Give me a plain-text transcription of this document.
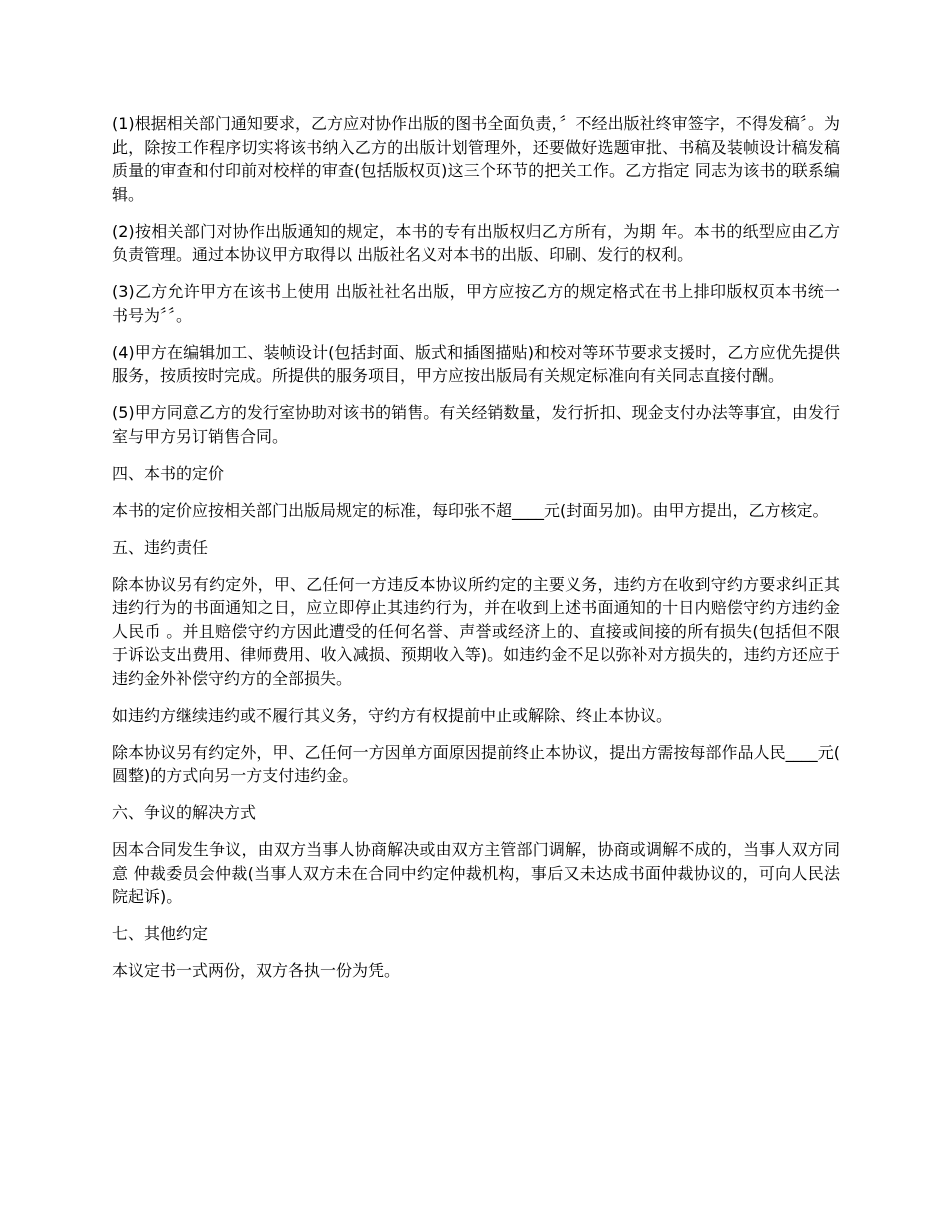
(1)根据相关部门通知要求，乙方应对协作出版的图书全面负责，〞不经出版社终审签字，不得发稿〞。为此，除按工作程序切实将该书纳入乙方的出版计划管理外，还要做好选题审批、书稿及装帧设计稿发稿质量的审查和付印前对校样的审查(包括版权页)这三个环节的把关工作。乙方指定 同志为该书的联系编辑。

(2)按相关部门对协作出版通知的规定，本书的专有出版权归乙方所有，为期 年。本书的纸型应由乙方负责管理。通过本协议甲方取得以 出版社名义对本书的出版、印刷、发行的权利。

(3)乙方允许甲方在该书上使用 出版社社名出版，甲方应按乙方的规定格式在书上排印版权页本书统一书号为〞〞。

(4)甲方在编辑加工、装帧设计(包括封面、版式和插图描贴)和校对等环节要求支援时，乙方应优先提供服务，按质按时完成。所提供的服务项目，甲方应按出版局有关规定标准向有关同志直接付酬。

(5)甲方同意乙方的发行室协助对该书的销售。有关经销数量，发行折扣、现金支付办法等事宜，由发行室与甲方另订销售合同。

四、本书的定价

本书的定价应按相关部门出版局规定的标准，每印张不超____元(封面另加)。由甲方提出，乙方核定。

五、违约责任

除本协议另有约定外，甲、乙任何一方违反本协议所约定的主要义务，违约方在收到守约方要求纠正其违约行为的书面通知之日，应立即停止其违约行为，并在收到上述书面通知的十日内赔偿守约方违约金人民币 。并且赔偿守约方因此遭受的任何名誉、声誉或经济上的、直接或间接的所有损失(包括但不限于诉讼支出费用、律师费用、收入减损、预期收入等)。如违约金不足以弥补对方损失的，违约方还应于违约金外补偿守约方的全部损失。

如违约方继续违约或不履行其义务，守约方有权提前中止或解除、终止本协议。

除本协议另有约定外，甲、乙任何一方因单方面原因提前终止本协议，提出方需按每部作品人民____元( 圆整)的方式向另一方支付违约金。

六、争议的解决方式

因本合同发生争议，由双方当事人协商解决或由双方主管部门调解，协商或调解不成的，当事人双方同意 仲裁委员会仲裁(当事人双方未在合同中约定仲裁机构，事后又未达成书面仲裁协议的，可向人民法院起诉)。

七、其他约定

本议定书一式两份，双方各执一份为凭。
